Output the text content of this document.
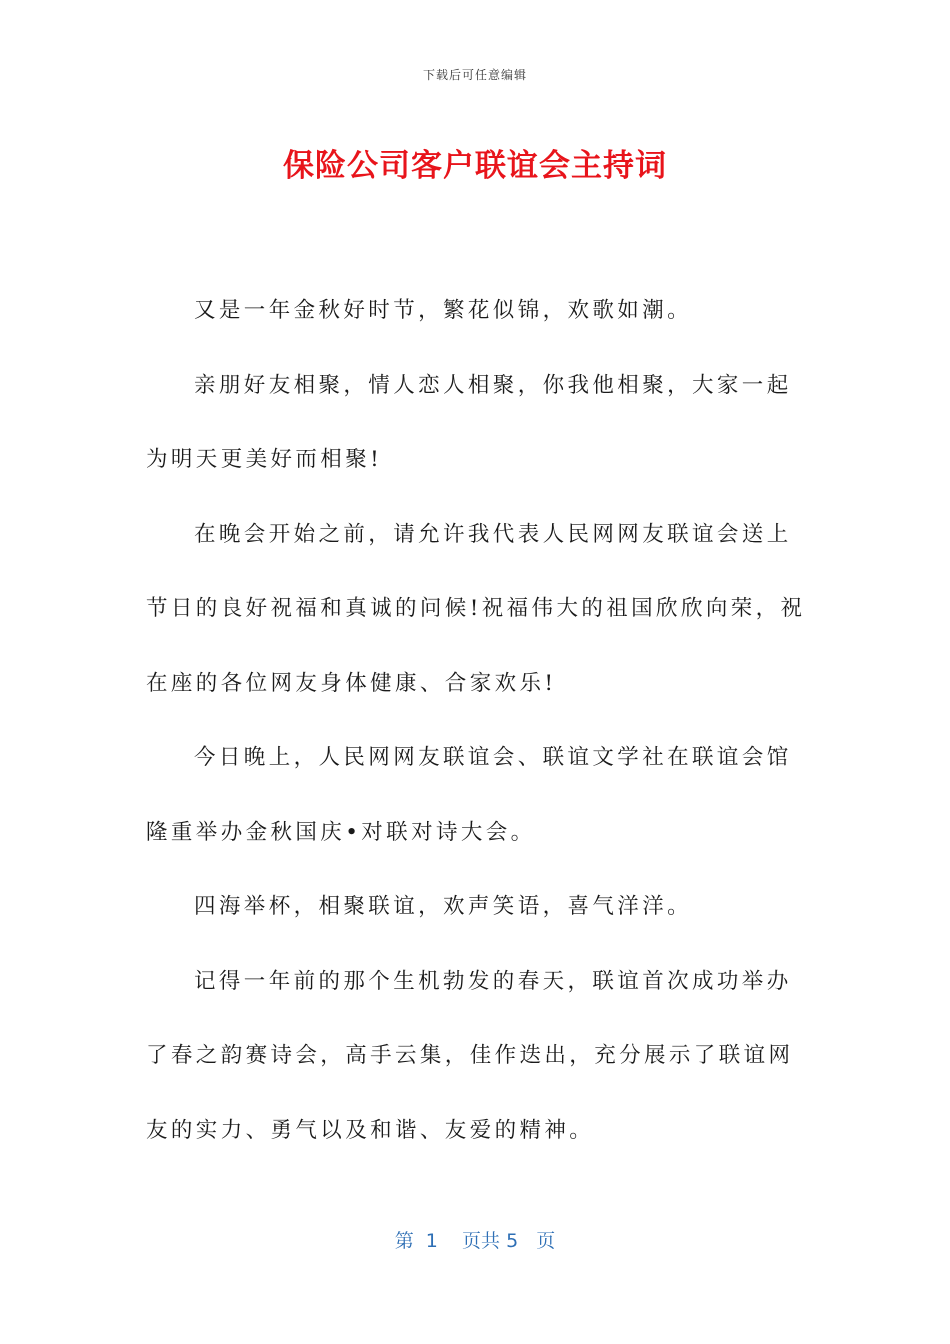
下载后可任意编辑
保险公司客户联谊会主持词

又是一年金秋好时节，繁花似锦，欢歌如潮。

亲朋好友相聚，情人恋人相聚，你我他相聚，大家一起为明天更美好而相聚!

在晚会开始之前，请允许我代表人民网网友联谊会送上节日的良好祝福和真诚的问候!祝福伟大的祖国欣欣向荣，祝在座的各位网友身体健康、合家欢乐!

今日晚上，人民网网友联谊会、联谊文学社在联谊会馆隆重举办金秋国庆•对联对诗大会。

四海举杯，相聚联谊，欢声笑语，喜气洋洋。

记得一年前的那个生机勃发的春天，联谊首次成功举办了春之韵赛诗会，高手云集，佳作迭出，充分展示了联谊网友的实力、勇气以及和谐、友爱的精神。

第  1    页共 5   页
